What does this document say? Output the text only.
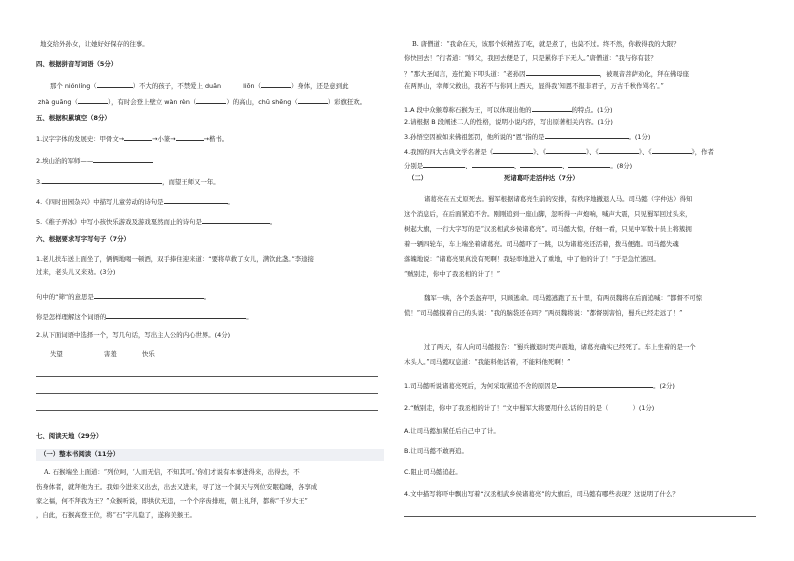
地交给外孙女，让她好好保存的往事。
四、根据拼音写词语（5分）
那个 niónlíng（	）不大的孩子，不禁爱上 duān	liōn（	）身体，还是意到此
zhà guāng（	），有时会登上壁立 wàn rèn（	）的高山，chū shēng（	）彩旗狂欢。
五、根据积累填空（8分）
1.汉字字体的发展史：甲骨文→	→小篆→	→楷书。
2.埃山治的军师——
3.	，而望王师又一年。
4.《四时田园杂兴》中描写儿童劳动的诗句是	。
5.《稚子弄冰》中写小孩快乐游戏及游戏戛然而止的诗句是	。
六、根据要求写字写句子（7分）
1.老儿扶车送上面坐了，俩俩地喝一顿酒，双手捧住迎来道：“要将草救了女儿，满饮此盏。”李逵接
过来，老头儿又来劝。(3分)
句中的“筛”的意思是	。
你是怎样理解这个词语的	。
2.从下面词语中选择一个，写几句话，写出主人公的内心世界。(4分)
失望	害羞	快乐
七、阅读天地（29分）
（一）整本书阅读（11分）
A. 石猴端坐上面道：“列位呵，‘人而无信，不知其可。’你们才说有本事进得来，出得去，不
伤身体者，就拜他为王。我如今进来又出去，出去又进来，寻了这一个洞天与列位安眠稳睡，各享成
家之福，何不拜我为王？”众猴听说，即拱伏无违，一个个序齿排班，朝上礼拜，都称“千岁大王”
，自此，石猴高登王位，将“石”字儿隐了，遂称美猴王。
B. 唐僧道：“我命在天，该那个妖精蒸了吃，就是煮了，也莫不过。终不然，你救得我的大限？
你快回去！”行者道：“师父，我回去便是了，只是累你手下无人。”唐僧道：“我与你有甚？
？”那大圣闻言，连忙跪下叩头道：“老孙因	，被观音菩萨劝化，拜在佛母座
在两界山，幸师父救出，我若不与你同上西天，显得我‘知恩不报非君子，万古千秋作骂名’。”
1.A 段中众猴尊称石猴为王，可以体现出他的	的特点。(1分)
2.请根据 B 段阐述二人的性格，说明小说内容，写出原著相关内容。(1分)
3.孙悟空因被如来佛祖惩罚，他所说的“恩”指的是	。(1分)
4.我国的四大古典文学名著是《	》、《	》、《	》、《	》，作者
分别是	、	、	、	。(8分)
（二）	死诸葛吓走活仲达（7分）
诸葛亮在五丈原死去。蜀军根据诸葛亮生前的安排，有秩序地撤退人马。司马懿（字仲达）得知
这个消息后，在后面紧追不舍。刚刚追到一座山脚，忽听得一声炮响，喊声大震，只见蜀军回过头来，
树起大旗，一行大字写的是“汉丞相武乡侯诸葛亮”。司马懿大惊，仔细一看，只见中军数十员上将簇拥
着一辆四轮车，车上端坐着诸葛亮。司马懿吓了一跳，以为诸葛亮还活着，拨马便跑。司马懿失魂
落魄地说：“诸葛亮果真没有死啊！我轻率地进入了重地，中了他的计了！”于是急忙逃回。
“贼别走，你中了我丞相的计了！”
魏军一哄，各个丢盔弃甲，只顾逃命。司马懿逃跑了五十里，有两员魏将在后面追喊：“都督不可惊
慌！”司马懿摸着自己的头说：“我的脑袋还在吗？”两员魏将说：“都督别害怕，蜀兵已经走远了！”
过了两天，有人向司马懿报告：“蜀兵撤退时哭声震地，诸葛亮确实已经死了。车上坐着的是一个
木头人。”司马懿叹息道：“我能料他活着，不能料他死啊！”
1.司马懿听说诸葛亮死后，为何采取紧追不舍的原因是	。(2分)
2.“贼别走，你中了我丞相的计了！”文中蜀军大将要用什么话的目的是（	）(1分)
A.让司马懿加紧任后自己中了计。
B.让司马懿不敢再追。
C.阻止司马懿追赶。
4.文中描写将吓中飘出写着“汉丞相武乡侯诸葛亮”的大旗后，司马懿有哪些表现？这说明了什么？
